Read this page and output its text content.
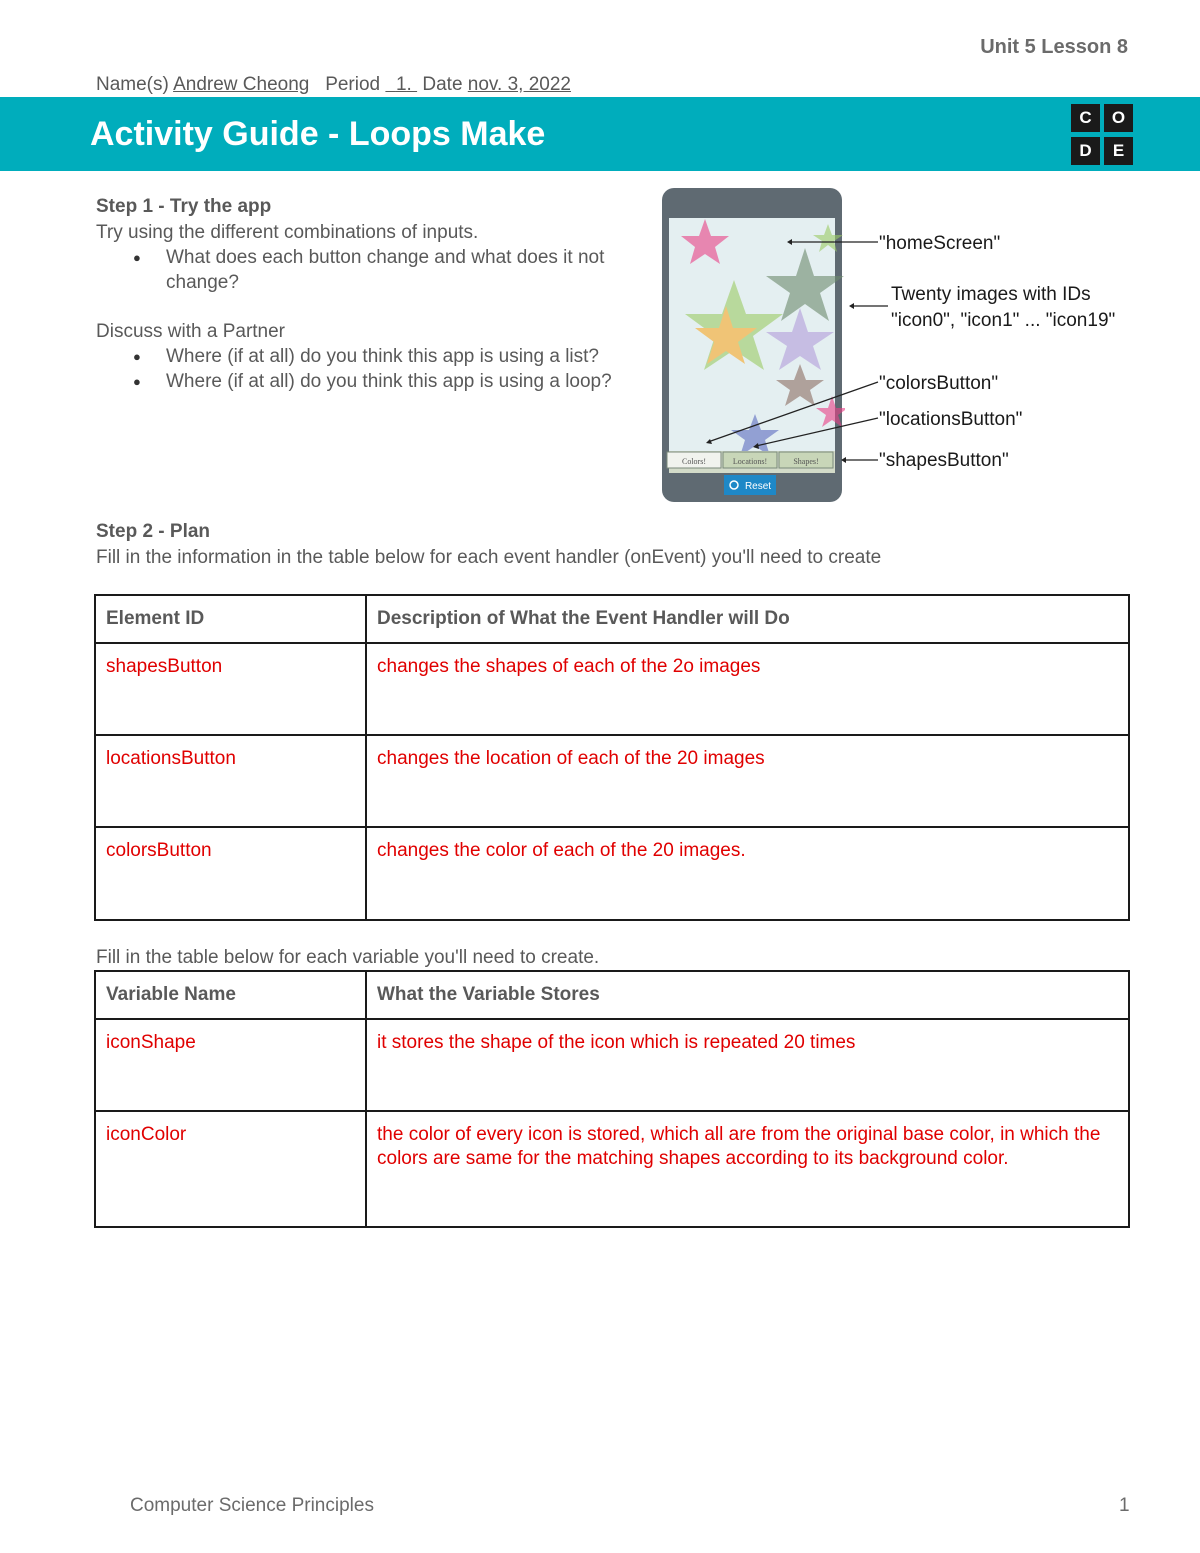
Unit 5 Lesson 8
Name(s) Andrew Cheong Period 1.  Date nov. 3, 2022
Activity Guide - Loops Make	C	O
D	E
Step 1 - Try the app
Try using the different combinations of inputs.
● What does each button change and what does it not change?
Discuss with a Partner
● Where (if at all) do you think this app is using a list?
● Where (if at all) do you think this app is using a loop?
Colors!	Locations!	Shapes!
Reset
"homeScreen"
Twenty images with IDs
"icon0", "icon1" ... "icon19"
"colorsButton"
"locationsButton"
"shapesButton"
Step 2 - Plan
Fill in the information in the table below for each event handler (onEvent) you'll need to create
Element ID	Description of What the Event Handler will Do
shapesButton	changes the shapes of each of the 2o images
locationsButton	changes the location of each of the 20 images
colorsButton	changes the color of each of the 20 images.
Fill in the table below for each variable you'll need to create.
Variable Name	What the Variable Stores
iconShape	it stores the shape of the icon which is repeated 20 times
iconColor	the color of every icon is stored, which all are from the original base color, in which the colors are same for the matching shapes according to its background color.
Computer Science Principles	1
